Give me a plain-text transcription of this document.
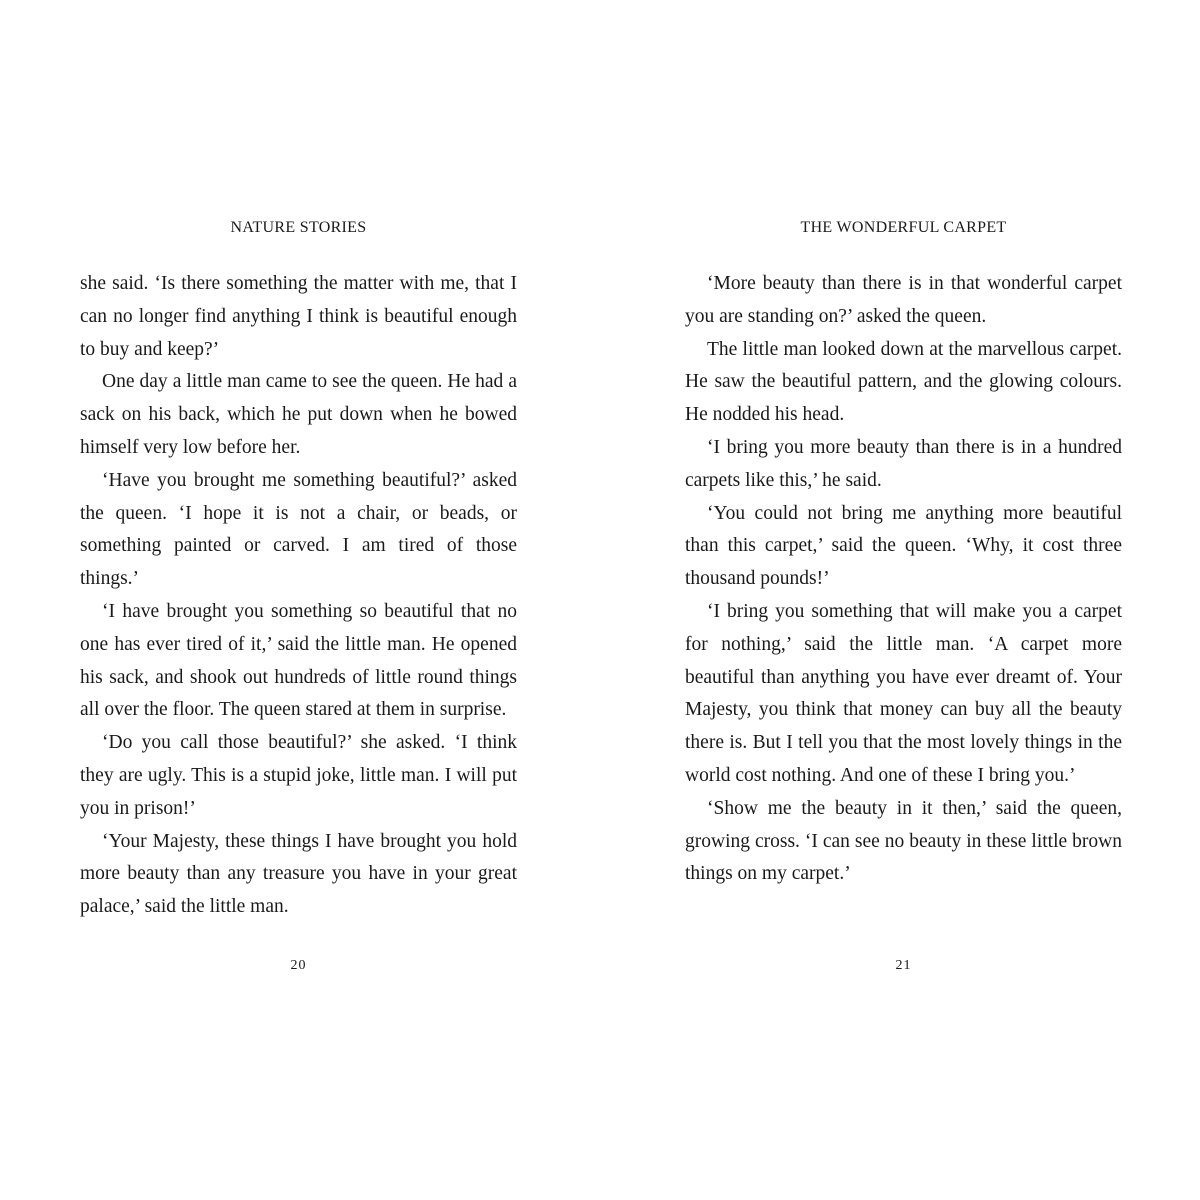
NATURE STORIES

she said. ‘Is there something the matter with me, that I can no longer find anything I think is beautiful enough to buy and keep?’

One day a little man came to see the queen. He had a sack on his back, which he put down when he bowed himself very low before her.

‘Have you brought me something beautiful?’ asked the queen. ‘I hope it is not a chair, or beads, or something painted or carved. I am tired of those things.’

‘I have brought you something so beautiful that no one has ever tired of it,’ said the little man. He opened his sack, and shook out hundreds of little round things all over the floor. The queen stared at them in surprise.

‘Do you call those beautiful?’ she asked. ‘I think they are ugly. This is a stupid joke, little man. I will put you in prison!’

‘Your Majesty, these things I have brought you hold more beauty than any treasure you have in your great palace,’ said the little man.

20
THE WONDERFUL CARPET

‘More beauty than there is in that wonderful carpet you are standing on?’ asked the queen.

The little man looked down at the marvellous carpet. He saw the beautiful pattern, and the glowing colours. He nodded his head.

‘I bring you more beauty than there is in a hundred carpets like this,’ he said.

‘You could not bring me anything more beautiful than this carpet,’ said the queen. ‘Why, it cost three thousand pounds!’

‘I bring you something that will make you a carpet for nothing,’ said the little man. ‘A carpet more beautiful than anything you have ever dreamt of. Your Majesty, you think that money can buy all the beauty there is. But I tell you that the most lovely things in the world cost nothing. And one of these I bring you.’

‘Show me the beauty in it then,’ said the queen, growing cross. ‘I can see no beauty in these little brown things on my carpet.’

21
